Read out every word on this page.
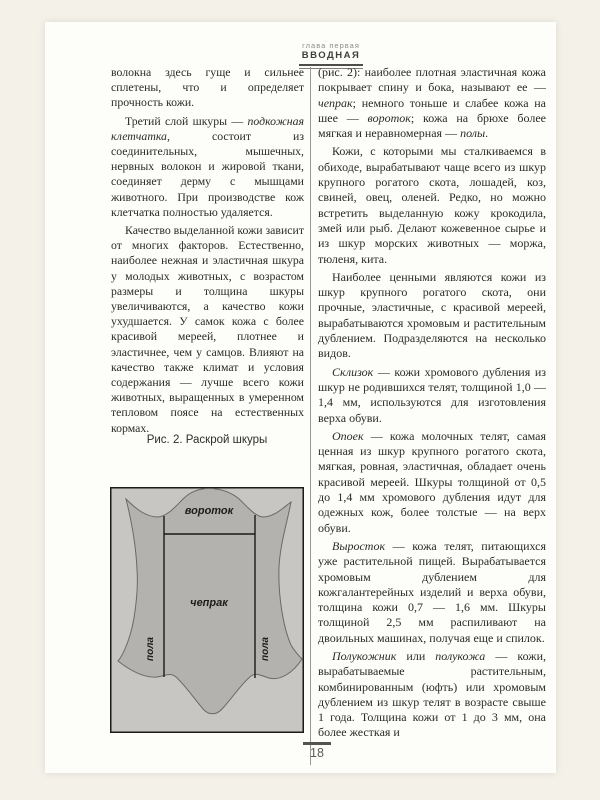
глава первая
ВВОДНАЯ

волокна здесь гуще и сильнее сплетены, что и определяет прочность кожи.

Третий слой шкуры — подкожная клетчатка, состоит из соединительных, мышечных, нервных волокон и жировой ткани, соединяет дерму с мышцами животного. При производстве кож клетчатка полностью удаляется.

Качество выделанной кожи зависит от многих факторов. Естественно, наиболее нежная и эластичная шкура у молодых животных, с возрастом размеры и толщина шкуры увеличиваются, а качество кожи ухудшается. У самок кожа с более красивой мереей, плотнее и эластичнее, чем у самцов. Влияют на качество также климат и условия содержания — лучше всего кожи животных, выращенных в умеренном тепловом поясе на естественных кормах.

Рис. 2. Раскрой шкуры
вороток
чепрак
пола	пола

(рис. 2): наиболее плотная эластичная кожа покрывает спину и бока, называют ее — чепрак; немного тоньше и слабее кожа на шее — вороток; кожа на брюхе более мягкая и неравномерная — полы.

Кожи, с которыми мы сталкиваемся в обиходе, вырабатывают чаще всего из шкур крупного рогатого скота, лошадей, коз, свиней, овец, оленей. Редко, но можно встретить выделанную кожу крокодила, змей или рыб. Делают кожевенное сырье и из шкур морских животных — моржа, тюленя, кита.

Наиболее ценными являются кожи из шкур крупного рогатого скота, они прочные, эластичные, с красивой мереей, вырабатываются хромовым и растительным дублением. Подразделяются на несколько видов.

Склизок — кожи хромового дубления из шкур не родившихся телят, толщиной 1,0 — 1,4 мм, используются для изготовления верха обуви.

Опоек — кожа молочных телят, самая ценная из шкур крупного рогатого скота, мягкая, ровная, эластичная, обладает очень красивой мереей. Шкуры толщиной от 0,5 до 1,4 мм хромового дубления идут для одежных кож, более толстые — на верх обуви.

Выросток — кожа телят, питающихся уже растительной пищей. Вырабатывается хромовым дублением для кожгалантерейных изделий и верха обуви, толщина кожи 0,7 — 1,6 мм. Шкуры толщиной 2,5 мм распиливают на двоильных машинах, получая еще и спилок.

Полукожник или полукожа — кожи, вырабатываемые растительным, комбинированным (юфть) или хромовым дублением из шкур телят в возрасте свыше 1 года. Толщина кожи от 1 до 3 мм, она более жесткая и

18
